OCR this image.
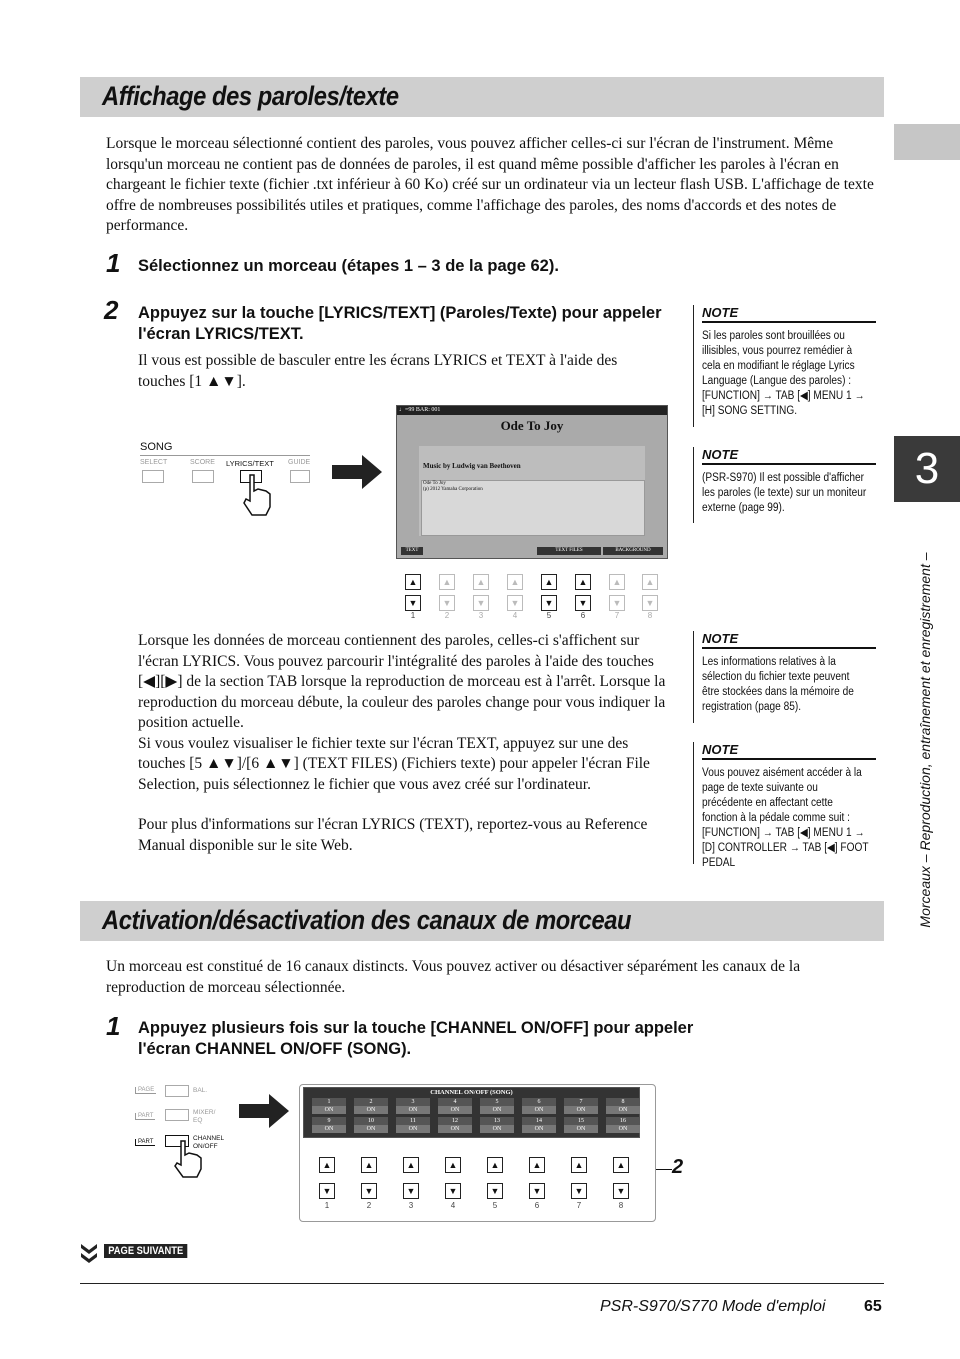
3
Morceaux – Reproduction, entraînement et enregistrement –
Affichage des paroles/texte

Lorsque le morceau sélectionné contient des paroles, vous pouvez afficher celles-ci sur l'écran de l'instrument. Même lorsqu'un morceau ne contient pas de données de paroles, il est quand même possible d'afficher les paroles à l'écran en chargeant le fichier texte (fichier .txt inférieur à 60 Ko) créé sur un ordinateur via un lecteur flash USB. L'affichage de texte offre de nombreuses possibilités utiles et pratiques, comme l'affichage des paroles, des noms d'accords et des notes de performance.

1 Sélectionnez un morceau (étapes 1 – 3 de la page 62).
2 Appuyez sur la touche [LYRICS/TEXT] (Paroles/Texte) pour appeler l'écran LYRICS/TEXT.

Il vous est possible de basculer entre les écrans LYRICS et TEXT à l'aide des touches [1 ▲▼].

SONG
SELECT	SCORE LYRICS/TEXT GUIDE
♩=99 BAR: 001
Ode To Joy
Music by Ludwig van Beethoven
Ode To Joy
(p) 2012 Yamaha Corporation
TEXT	TEXT FILES	BACKGROUND
▲	▲	▲	▲	▲	▲	▲	▲
▼	▼	▼	▼	▼	▼	▼	▼
1	2	3	4	5	6	7	8

Lorsque les données de morceau contiennent des paroles, celles-ci s'affichent sur l'écran LYRICS. Vous pouvez parcourir l'intégralité des paroles à l'aide des touches [◀][▶] de la section TAB lorsque la reproduction de morceau est à l'arrêt. Lorsque la reproduction du morceau débute, la couleur des paroles change pour vous indiquer la position actuelle.

Si vous voulez visualiser le fichier texte sur l'écran TEXT, appuyez sur une des touches [5 ▲▼]/[6 ▲▼] (TEXT FILES) (Fichiers texte) pour appeler l'écran File Selection, puis sélectionnez le fichier que vous avez créé sur l'ordinateur.

Pour plus d'informations sur l'écran LYRICS (TEXT), reportez-vous au Reference Manual disponible sur le site Web.

NOTE
Si les paroles sont brouillées ou illisibles, vous pourrez remédier à cela en modifiant le réglage Lyrics Language (Langue des paroles) : [FUNCTION] → TAB [◀] MENU 1 → [H] SONG SETTING.
NOTE
(PSR-S970) Il est possible d'afficher les paroles (le texte) sur un moniteur externe (page 99).
NOTE
Les informations relatives à la sélection du fichier texte peuvent être stockées dans la mémoire de registration (page 85).
NOTE
Vous pouvez aisément accéder à la page de texte suivante ou précédente en affectant cette fonction à la pédale comme suit : [FUNCTION] → TAB [◀] MENU 1 → [D] CONTROLLER → TAB [◀] FOOT PEDAL
Activation/désactivation des canaux de morceau

Un morceau est constitué de 16 canaux distincts. Vous pouvez activer ou désactiver séparément les canaux de la reproduction de morceau sélectionnée.

1 Appuyez plusieurs fois sur la touche [CHANNEL ON/OFF] pour appeler l'écran CHANNEL ON/OFF (SONG).
PAGE	BAL.
PART	MIXER/ EQ
PART	CHANNEL ON/OFF
CHANNEL ON/OFF (SONG)
1
ON
2
ON
3
ON
4
ON
5
ON
6
ON
7
ON
8
ON
9
ON
10
ON
11
ON
12
ON
13
ON
14
ON
15
ON
16
ON
▲
▼
1
▲
▼
2
▲
▼
3
▲
▼
4
▲
▼
5
▲
▼
6
▲
▼
7
▲
▼
8
2
PAGE SUIVANTE
PSR-S970/S770 Mode d'emploi 65
